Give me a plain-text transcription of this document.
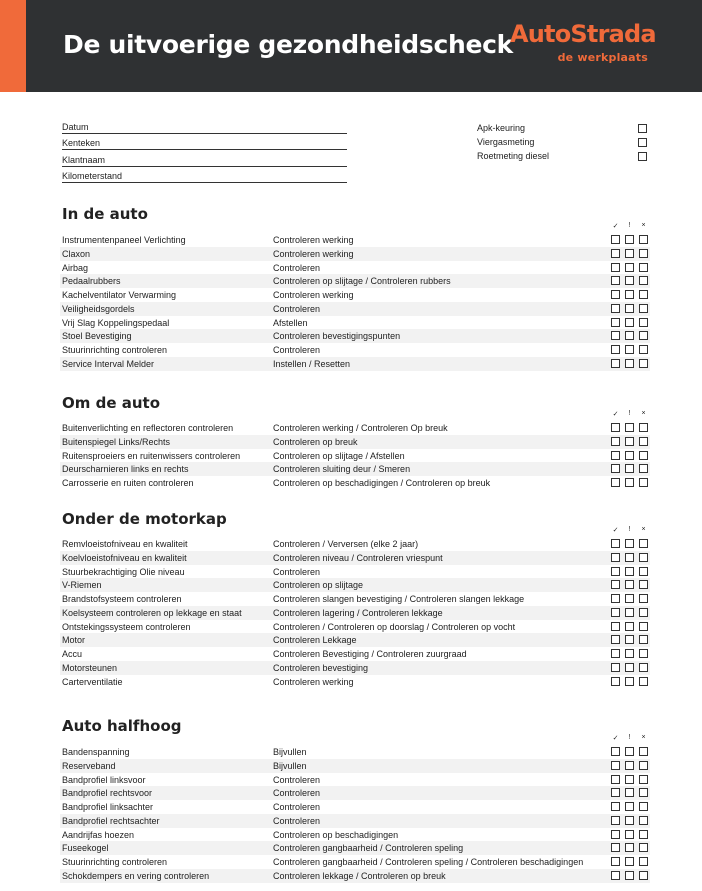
De uitvoerige gezondheidscheck
AutoStrada
de werkplaats
Datum
Kenteken
Klantnaam
Kilometerstand
Apk-keuring
Viergasmeting
Roetmeting diesel
In de auto
✓	!	×
Instrumentenpaneel Verlichting	Controleren werking
Claxon	Controleren werking
Airbag	Controleren
Pedaalrubbers	Controleren op slijtage / Controleren rubbers
Kachelventilator Verwarming	Controleren werking
Veiligheidsgordels	Controleren
Vrij Slag Koppelingspedaal	Afstellen
Stoel Bevestiging	Controleren bevestigingspunten
Stuurinrichting controleren	Controleren
Service Interval Melder	Instellen / Resetten
Om de auto
✓	!	×
Buitenverlichting en reflectoren controleren	Controleren werking / Controleren Op breuk
Buitenspiegel Links/Rechts	Controleren op breuk
Ruitensproeiers en ruitenwissers controleren	Controleren op slijtage / Afstellen
Deurscharnieren links en rechts	Controleren sluiting deur / Smeren
Carrosserie en ruiten controleren	Controleren op beschadigingen / Controleren op breuk
Onder de motorkap
✓	!	×
Remvloeistofniveau en kwaliteit	Controleren / Verversen (elke 2 jaar)
Koelvloeistofniveau en kwaliteit	Controleren niveau / Controleren vriespunt
Stuurbekrachtiging Olie niveau	Controleren
V-Riemen	Controleren op slijtage
Brandstofsysteem controleren	Controleren slangen bevestiging / Controleren slangen lekkage
Koelsysteem controleren op lekkage en staat	Controleren lagering / Controleren lekkage
Ontstekingssysteem controleren	Controleren / Controleren op doorslag / Controleren op vocht
Motor	Controleren Lekkage
Accu	Controleren Bevestiging / Controleren zuurgraad
Motorsteunen	Controleren bevestiging
Carterventilatie	Controleren werking
Auto halfhoog
✓	!	×
Bandenspanning	Bijvullen
Reserveband	Bijvullen
Bandprofiel linksvoor	Controleren
Bandprofiel rechtsvoor	Controleren
Bandprofiel linksachter	Controleren
Bandprofiel rechtsachter	Controleren
Aandrijfas hoezen	Controleren op beschadigingen
Fuseekogel	Controleren gangbaarheid / Controleren speling
Stuurinrichting controleren	Controleren gangbaarheid / Controleren speling / Controleren beschadigingen
Schokdempers en vering controleren	Controleren lekkage / Controleren op breuk
